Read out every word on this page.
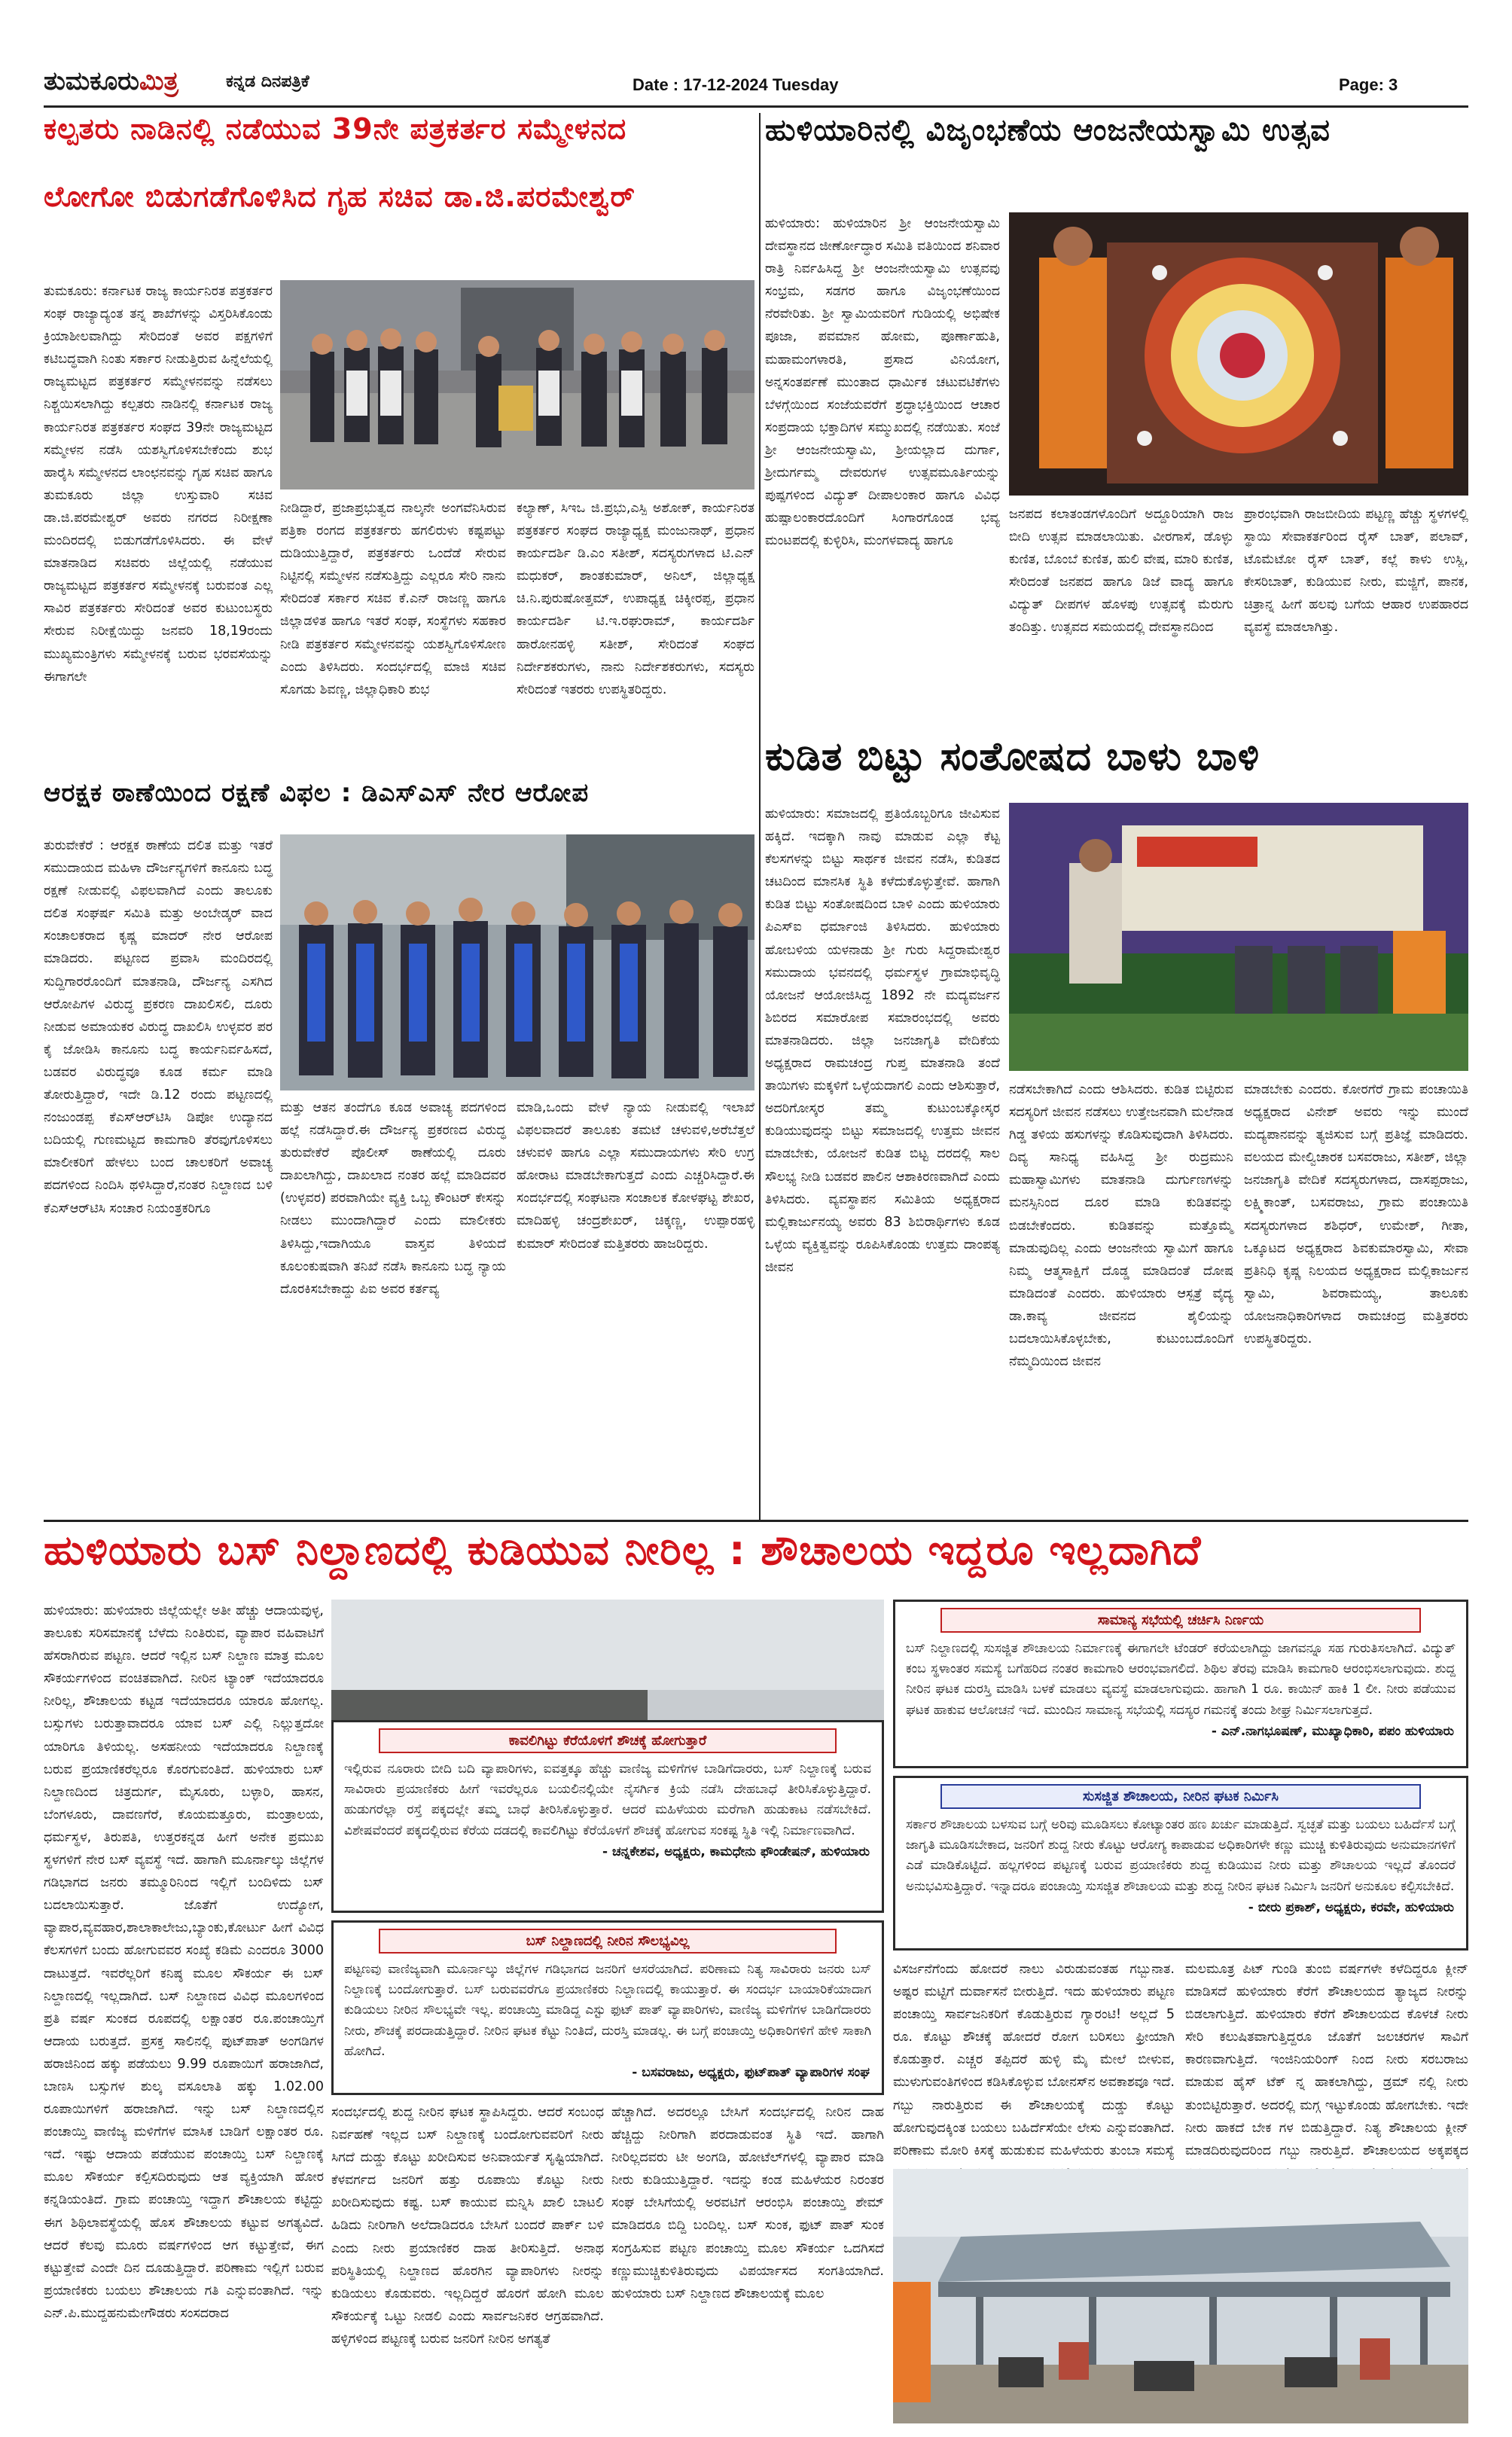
ತುಮಕೂರುಮಿತ್ರ	ಕನ್ನಡ ದಿನಪತ್ರಿಕೆ	Date : 17-12-2024 Tuesday	Page: 3
ಕಲ್ಪತರು ನಾಡಿನಲ್ಲಿ ನಡೆಯುವ 39ನೇ ಪತ್ರಕರ್ತರ ಸಮ್ಮೇಳನದ
ಲೋಗೋ ಬಿಡುಗಡೆಗೊಳಿಸಿದ ಗೃಹ ಸಚಿವ ಡಾ.ಜಿ.ಪರಮೇಶ್ವರ್
ತುಮಕೂರು: ಕರ್ನಾಟಕ ರಾಜ್ಯ ಕಾರ್ಯನಿರತ ಪತ್ರಕರ್ತರ ಸಂಘ ರಾಜ್ಯಾದ್ಯಂತ ತನ್ನ ಶಾಖೆಗಳನ್ನು ವಿಸ್ತರಿಸಿಕೊಂಡು ಕ್ರಿಯಾಶೀಲವಾಗಿದ್ದು ಸೇರಿದಂತೆ ಅವರ ಪಕ್ಷಗಳಿಗೆ ಕಟಿಬದ್ಧವಾಗಿ ನಿಂತು ಸರ್ಕಾರ ನೀಡುತ್ತಿರುವ ಹಿನ್ನೆಲೆಯಲ್ಲಿ ರಾಜ್ಯಮಟ್ಟದ ಪತ್ರಕರ್ತರ ಸಮ್ಮೇಳನವನ್ನು ನಡೆಸಲು ನಿಶ್ಚಯಿಸಲಾಗಿದ್ದು ಕಲ್ಪತರು ನಾಡಿನಲ್ಲಿ ಕರ್ನಾಟಕ ರಾಜ್ಯ ಕಾರ್ಯನಿರತ ಪತ್ರಕರ್ತರ ಸಂಘದ 39ನೇ ರಾಜ್ಯಮಟ್ಟದ ಸಮ್ಮೇಳನ ನಡೆಸಿ ಯಶಸ್ವಿಗೊಳಿಸಬೇಕೆಂದು ಶುಭ ಹಾರೈಸಿ ಸಮ್ಮೇಳನದ ಲಾಂಛನವನ್ನು ಗೃಹ ಸಚಿವ ಹಾಗೂ ತುಮಕೂರು ಜಿಲ್ಲಾ ಉಸ್ತುವಾರಿ ಸಚಿವ ಡಾ.ಜಿ.ಪರಮೇಶ್ವರ್ ಅವರು ನಗರದ ನಿರೀಕ್ಷಣಾ ಮಂದಿರದಲ್ಲಿ ಬಿಡುಗಡೆಗೊಳಿಸಿದರು. ಈ ವೇಳೆ ಮಾತನಾಡಿದ ಸಚಿವರು ಜಿಲ್ಲೆಯಲ್ಲಿ ನಡೆಯುವ ರಾಜ್ಯಮಟ್ಟದ ಪತ್ರಕರ್ತರ ಸಮ್ಮೇಳನಕ್ಕೆ ಬರುವಂತ ಎಲ್ಲ ಸಾವಿರ ಪತ್ರಕರ್ತರು ಸೇರಿದಂತೆ ಅವರ ಕುಟುಂಬಸ್ಥರು ಸೇರುವ ನಿರೀಕ್ಷೆಯಿದ್ದು ಜನವರಿ 18,19ರಂದು ಮುಖ್ಯಮಂತ್ರಿಗಳು ಸಮ್ಮೇಳನಕ್ಕೆ ಬರುವ ಭರವಸೆಯನ್ನು ಈಗಾಗಲೇ
ನೀಡಿದ್ದಾರೆ, ಪ್ರಜಾಪ್ರಭುತ್ವದ ನಾಲ್ಕನೇ ಅಂಗವೆನಿಸಿರುವ ಪತ್ರಿಕಾ ರಂಗದ ಪತ್ರಕರ್ತರು ಹಗಲಿರುಳು ಕಷ್ಟಪಟ್ಟು ದುಡಿಯುತ್ತಿದ್ದಾರೆ, ಪತ್ರಕರ್ತರು ಒಂದೆಡೆ ಸೇರುವ ನಿಟ್ಟಿನಲ್ಲಿ ಸಮ್ಮೇಳನ ನಡೆಸುತ್ತಿದ್ದು ಎಲ್ಲರೂ ಸೇರಿ ನಾನು ಸೇರಿದಂತೆ ಸರ್ಕಾರ ಸಚಿವ ಕೆ.ಎನ್ ರಾಜಣ್ಣ ಹಾಗೂ ಜಿಲ್ಲಾಡಳಿತ ಹಾಗೂ ಇತರೆ ಸಂಘ, ಸಂಸ್ಥೆಗಳು ಸಹಕಾರ ನೀಡಿ ಪತ್ರಕರ್ತರ ಸಮ್ಮೇಳನವನ್ನು ಯಶಸ್ವಿಗೊಳಿಸೋಣ ಎಂದು ತಿಳಿಸಿದರು. ಸಂದರ್ಭದಲ್ಲಿ ಮಾಜಿ ಸಚಿವ ಸೊಗಡು ಶಿವಣ್ಣ, ಜಿಲ್ಲಾಧಿಕಾರಿ ಶುಭ
ಕಲ್ಯಾಣ್, ಸಿಇಒ ಜಿ.ಪ್ರಭು,ಎಸ್ಪಿ ಅಶೋಕ್, ಕಾರ್ಯನಿರತ ಪತ್ರಕರ್ತರ ಸಂಘದ ರಾಜ್ಯಾಧ್ಯಕ್ಷ ಮಂಜುನಾಥ್, ಪ್ರಧಾನ ಕಾರ್ಯದರ್ಶಿ ಡಿ.ಎಂ ಸತೀಶ್, ಸದಸ್ಯರುಗಳಾದ ಟಿ.ಎನ್ ಮಧುಕರ್, ಶಾಂತಕುಮಾರ್, ಅನಿಲ್, ಜಿಲ್ಲಾಧ್ಯಕ್ಷ ಚಿ.ನಿ.ಪುರುಷೋತ್ತಮ್, ಉಪಾಧ್ಯಕ್ಷ ಚಿಕ್ಕೀರಪ್ಪ, ಪ್ರಧಾನ ಕಾರ್ಯದರ್ಶಿ ಟಿ.ಇ.ರಘುರಾಮ್, ಕಾರ್ಯದರ್ಶಿ ಹಾರೋನಹಳ್ಳಿ ಸತೀಶ್, ಸೇರಿದಂತೆ ಸಂಘದ ನಿರ್ದೇಶಕರುಗಳು, ನಾನು ನಿರ್ದೇಶಕರುಗಳು, ಸದಸ್ಯರು ಸೇರಿದಂತೆ ಇತರರು ಉಪಸ್ಥಿತರಿದ್ದರು.
ಆರಕ್ಷಕ ಠಾಣೆಯಿಂದ ರಕ್ಷಣೆ ವಿಫಲ : ಡಿಎಸ್‌ಎಸ್ ನೇರ ಆರೋಪ
ತುರುವೇಕೆರೆ : ಆರಕ್ಷಕ ಠಾಣೆಯ ದಲಿತ ಮತ್ತು ಇತರೆ ಸಮುದಾಯದ ಮಹಿಳಾ ದೌರ್ಜನ್ಯಗಳಿಗೆ ಕಾನೂನು ಬದ್ಧ ರಕ್ಷಣೆ ನೀಡುವಲ್ಲಿ ವಿಫಲವಾಗಿದೆ ಎಂದು ತಾಲೂಕು ದಲಿತ ಸಂಘರ್ಷ ಸಮಿತಿ ಮತ್ತು ಅಂಬೇಡ್ಕರ್ ವಾದ ಸಂಚಾಲಕರಾದ ಕೃಷ್ಣ ಮಾದರ್ ನೇರ ಆರೋಪ ಮಾಡಿದರು. ಪಟ್ಟಣದ ಪ್ರವಾಸಿ ಮಂದಿರದಲ್ಲಿ ಸುದ್ದಿಗಾರರೊಂದಿಗೆ ಮಾತನಾಡಿ, ದೌರ್ಜನ್ಯ ಎಸಗಿದ ಆರೋಪಿಗಳ ವಿರುದ್ಧ ಪ್ರಕರಣ ದಾಖಲಿಸಲಿ, ದೂರು ನೀಡುವ ಅಮಾಯಕರ ವಿರುದ್ಧ ದಾಖಲಿಸಿ ಉಳ್ಳವರ ಪರ ಕೈ ಜೋಡಿಸಿ ಕಾನೂನು ಬದ್ಧ ಕಾರ್ಯನಿರ್ವಹಿಸದೆ, ಬಡವರ ವಿರುದ್ಧವೂ ಕೂಡ ಕರ್ಮ ಮಾಡಿ ತೋರುತ್ತಿದ್ದಾರೆ, ಇದೇ ಡಿ.12 ರಂದು ಪಟ್ಟಣದಲ್ಲಿ ನಂಜುಂಡಪ್ಪ ಕೆಎಸ್‌ಆರ್‌ಟಿಸಿ ಡಿಪೋ ಉದ್ಯಾನದ ಬದಿಯಲ್ಲಿ ಗುಣಮಟ್ಟದ ಕಾಮಗಾರಿ ತೆರವುಗೊಳಿಸಲು ಮಾಲೀಕರಿಗೆ ಹೇಳಲು ಬಂದ ಚಾಲಕರಿಗೆ ಅವಾಚ್ಯ ಪದಗಳಿಂದ ನಿಂದಿಸಿ ಥಳಿಸಿದ್ದಾರೆ,ನಂತರ ನಿಲ್ದಾಣದ ಬಳಿ ಕೆಎಸ್‌ಆರ್‌ಟಿಸಿ ಸಂಚಾರ ನಿಯಂತ್ರಕರಿಗೂ
ಮತ್ತು ಆತನ ತಂದೆಗೂ ಕೂಡ ಅವಾಚ್ಯ ಪದಗಳಿಂದ ಹಲ್ಲೆ ನಡೆಸಿದ್ದಾರೆ.ಈ ದೌರ್ಜನ್ಯ ಪ್ರಕರಣದ ವಿರುದ್ಧ ತುರುವೇಕೆರೆ ಪೊಲೀಸ್ ಠಾಣೆಯಲ್ಲಿ ದೂರು ದಾಖಲಾಗಿದ್ದು, ದಾಖಲಾದ ನಂತರ ಹಲ್ಲೆ ಮಾಡಿದವರ (ಉಳ್ಳವರ) ಪರವಾಗಿಯೇ ವ್ಯಕ್ತಿ ಒಬ್ಬ ಕೌಂಟರ್ ಕೇಸನ್ನು ನೀಡಲು ಮುಂದಾಗಿದ್ದಾರೆ ಎಂದು ಮಾಲೀಕರು ತಿಳಿಸಿದ್ದು,ಇದಾಗಿಯೂ ವಾಸ್ತವ ತಿಳಿಯದೆ ಕೂಲಂಕುಷವಾಗಿ ತನಿಖೆ ನಡೆಸಿ ಕಾನೂನು ಬದ್ಧ ನ್ಯಾಯ ದೊರಕಿಸಬೇಕಾದ್ದು ಪಿಐ ಅವರ ಕರ್ತವ್ಯ
ಮಾಡಿ,ಒಂದು ವೇಳೆ ನ್ಯಾಯ ನೀಡುವಲ್ಲಿ ಇಲಾಖೆ ವಿಫಲವಾದರೆ ತಾಲೂಕು ತಮಟೆ ಚಳುವಳಿ,ಅರೆಬೆತ್ತಲೆ ಚಳುವಳಿ ಹಾಗೂ ಎಲ್ಲಾ ಸಮುದಾಯಗಳು ಸೇರಿ ಉಗ್ರ ಹೋರಾಟ ಮಾಡಬೇಕಾಗುತ್ತದೆ ಎಂದು ಎಚ್ಚರಿಸಿದ್ದಾರೆ.ಈ ಸಂದರ್ಭದಲ್ಲಿ ಸಂಘಟನಾ ಸಂಚಾಲಕ ಕೋಳಘಟ್ಟ ಶೇಖರ, ಮಾದಿಹಳ್ಳಿ ಚಂದ್ರಶೇಖರ್, ಚಿಕ್ಕಣ್ಣ, ಉಪ್ಪಾರಹಳ್ಳಿ ಕುಮಾರ್ ಸೇರಿದಂತೆ ಮತ್ತಿತರರು ಹಾಜರಿದ್ದರು.
ಹುಳಿಯಾರಿನಲ್ಲಿ ವಿಜೃಂಭಣೆಯ ಆಂಜನೇಯಸ್ವಾಮಿ ಉತ್ಸವ
ಹುಳಿಯಾರು: ಹುಳಿಯಾರಿನ ಶ್ರೀ ಆಂಜನೇಯಸ್ವಾಮಿ ದೇವಸ್ಥಾನದ ಜೀರ್ಣೋದ್ಧಾರ ಸಮಿತಿ ವತಿಯಿಂದ ಶನಿವಾರ ರಾತ್ರಿ ನಿರ್ವಹಿಸಿದ್ದ ಶ್ರೀ ಆಂಜನೇಯಸ್ವಾಮಿ ಉತ್ಸವವು ಸಂಭ್ರಮ, ಸಡಗರ ಹಾಗೂ ವಿಜೃಂಭಣೆಯಿಂದ ನೆರವೇರಿತು. ಶ್ರೀ ಸ್ವಾಮಿಯವರಿಗೆ ಗುಡಿಯಲ್ಲಿ ಅಭಿಷೇಕ ಪೂಜಾ, ಪವಮಾನ ಹೋಮ, ಪೂರ್ಣಾಹುತಿ, ಮಹಾಮಂಗಳಾರತಿ, ಪ್ರಸಾದ ವಿನಿಯೋಗ, ಅನ್ನಸಂತರ್ಪಣೆ ಮುಂತಾದ ಧಾರ್ಮಿಕ ಚಟುವಟಿಕೆಗಳು ಬೆಳಗ್ಗೆಯಿಂದ ಸಂಜೆಯವರೆಗೆ ಶ್ರದ್ಧಾಭಕ್ತಿಯಿಂದ ಆಚಾರ ಸಂಪ್ರದಾಯ ಭಕ್ತಾದಿಗಳ ಸಮ್ಮುಖದಲ್ಲಿ ನಡೆಯಿತು. ಸಂಜೆ ಶ್ರೀ ಆಂಜನೇಯಸ್ವಾಮಿ, ಶ್ರೀಯಲ್ಲಾದ ದುರ್ಗಾ, ಶ್ರೀದುರ್ಗಮ್ಮ ದೇವರುಗಳ ಉತ್ಸವಮೂರ್ತಿಯನ್ನು ಪುಷ್ಪಗಳಿಂದ ವಿದ್ಯುತ್ ದೀಪಾಲಂಕಾರ ಹಾಗೂ ವಿವಿಧ ಹುಷ್ಪಾಲಂಕಾರದೊಂದಿಗೆ ಸಿಂಗಾರಗೊಂಡ ಭವ್ಯ ಮಂಟಪದಲ್ಲಿ ಕುಳ್ಳಿರಿಸಿ, ಮಂಗಳವಾದ್ಯ ಹಾಗೂ
ಜನಪದ ಕಲಾತಂಡಗಳೊಂದಿಗೆ ಅದ್ದೂರಿಯಾಗಿ ರಾಜ ಬೀದಿ ಉತ್ಸವ ಮಾಡಲಾಯಿತು. ವೀರಗಾಸೆ, ಡೊಳ್ಳು ಕುಣಿತ, ಬೊಂಬೆ ಕುಣಿತ, ಹುಲಿ ವೇಷ, ಮಾರಿ ಕುಣಿತ, ಸೇರಿದಂತೆ ಜನಪದ ಹಾಗೂ ಡಿಜೆ ವಾದ್ಯ ಹಾಗೂ ವಿದ್ಯುತ್ ದೀಪಗಳ ಹೊಳಪು ಉತ್ಸವಕ್ಕೆ ಮೆರುಗು ತಂದಿತ್ತು. ಉತ್ಸವದ ಸಮಯದಲ್ಲಿ ದೇವಸ್ಥಾನದಿಂದ
ಪ್ರಾರಂಭವಾಗಿ ರಾಜಬೀದಿಯ ಪಟ್ಟಣ್ಣ ಹೆಚ್ಚು ಸ್ಥಳಗಳಲ್ಲಿ ಸ್ಥಾಯಿ ಸೇವಾಕರ್ತರಿಂದ ರೈಸ್ ಬಾತ್, ಪಲಾವ್, ಟೊಮೆಟೋ ರೈಸ್ ಬಾತ್, ಕಲ್ಲೆ ಕಾಳು ಉಸ್ಲಿ, ಕೇಸರಿಬಾತ್, ಕುಡಿಯುವ ನೀರು, ಮಜ್ಜಿಗೆ, ಪಾನಕ, ಚಿತ್ರಾನ್ನ ಹೀಗೆ ಹಲವು ಬಗೆಯ ಆಹಾರ ಉಪಹಾರದ ವ್ಯವಸ್ಥೆ ಮಾಡಲಾಗಿತ್ತು.
ಕುಡಿತ ಬಿಟ್ಟು ಸಂತೋಷದ ಬಾಳು ಬಾಳಿ
ಹುಳಿಯಾರು: ಸಮಾಜದಲ್ಲಿ ಪ್ರತಿಯೊಬ್ಬರಿಗೂ ಜೀವಿಸುವ ಹಕ್ಕಿದೆ. ಇದಕ್ಕಾಗಿ ನಾವು ಮಾಡುವ ಎಲ್ಲಾ ಕೆಟ್ಟ ಕೆಲಸಗಳನ್ನು ಬಿಟ್ಟು ಸಾರ್ಥಕ ಜೀವನ ನಡೆಸಿ, ಕುಡಿತದ ಚಟದಿಂದ ಮಾನಸಿಕ ಸ್ಥಿತಿ ಕಳೆದುಕೊಳ್ಳುತ್ತೇವೆ. ಹಾಗಾಗಿ ಕುಡಿತ ಬಿಟ್ಟು ಸಂತೋಷದಿಂದ ಬಾಳಿ ಎಂದು ಹುಳಿಯಾರು ಪಿಎಸ್‌ಐ ಧರ್ಮಾಂಜಿ ತಿಳಿಸಿದರು. ಹುಳಿಯಾರು ಹೋಬಳಿಯ ಯಳನಾಡು ಶ್ರೀ ಗುರು ಸಿದ್ದರಾಮೇಶ್ವರ ಸಮುದಾಯ ಭವನದಲ್ಲಿ ಧರ್ಮಸ್ಥಳ ಗ್ರಾಮಾಭಿವೃದ್ಧಿ ಯೋಜನೆ ಆಯೋಜಿಸಿದ್ದ 1892 ನೇ ಮದ್ಯವರ್ಜನ ಶಿಬಿರದ ಸಮಾರೋಪ ಸಮಾರಂಭದಲ್ಲಿ ಅವರು ಮಾತನಾಡಿದರು. ಜಿಲ್ಲಾ ಜನಜಾಗೃತಿ ವೇದಿಕೆಯ ಅಧ್ಯಕ್ಷರಾದ ರಾಮಚಂದ್ರ ಗುಪ್ತ ಮಾತನಾಡಿ ತಂದೆ ತಾಯಿಗಳು ಮಕ್ಕಳಿಗೆ ಒಳ್ಳೆಯದಾಗಲಿ ಎಂದು ಆಶಿಸುತ್ತಾರೆ, ಅದರಿಗೋಸ್ಕರ ತಮ್ಮ ಕುಟುಂಬಕ್ಕೋಸ್ಕರ ಕುಡಿಯುವುದನ್ನು ಬಿಟ್ಟು ಸಮಾಜದಲ್ಲಿ ಉತ್ತಮ ಜೀವನ ಮಾಡಬೇಕು, ಯೋಜನೆ ಕುಡಿತ ಬಿಟ್ಟ ದರದಲ್ಲಿ ಸಾಲ ಸೌಲಭ್ಯ ನೀಡಿ ಬಡವರ ಪಾಲಿನ ಆಶಾಕಿರಣವಾಗಿದೆ ಎಂದು ತಿಳಿಸಿದರು. ವ್ಯವಸ್ಥಾಪನ ಸಮಿತಿಯ ಅಧ್ಯಕ್ಷರಾದ ಮಲ್ಲಿಕಾರ್ಜುನಯ್ಯ ಅವರು 83 ಶಿಬಿರಾರ್ಥಿಗಳು ಕೂಡ ಒಳ್ಳೆಯ ವ್ಯಕ್ತಿತ್ವವನ್ನು ರೂಪಿಸಿಕೊಂಡು ಉತ್ತಮ ದಾಂಪತ್ಯ ಜೀವನ
ನಡೆಸಬೇಕಾಗಿದೆ ಎಂದು ಆಶಿಸಿದರು. ಕುಡಿತ ಬಿಟ್ಟಿರುವ ಸದಸ್ಯರಿಗೆ ಜೀವನ ನಡೆಸಲು ಉತ್ತೇಜನವಾಗಿ ಮಲೆನಾಡ ಗಿಡ್ಡ ತಳಿಯ ಹಸುಗಳನ್ನು ಕೊಡಿಸುವುದಾಗಿ ತಿಳಿಸಿದರು. ದಿವ್ಯ ಸಾನಿಧ್ಯ ವಹಿಸಿದ್ದ ಶ್ರೀ ರುದ್ರಮುನಿ ಮಹಾಸ್ವಾಮಿಗಳು ಮಾತನಾಡಿ ದುರ್ಗುಣಗಳನ್ನು ಮನಸ್ಸಿನಿಂದ ದೂರ ಮಾಡಿ ಕುಡಿತವನ್ನು ಬಿಡಬೇಕೆಂದರು. ಕುಡಿತವನ್ನು ಮತ್ತೊಮ್ಮೆ ಮಾಡುವುದಿಲ್ಲ ಎಂದು ಆಂಜನೇಯ ಸ್ವಾಮಿಗೆ ಹಾಗೂ ನಿಮ್ಮ ಆತ್ಮಸಾಕ್ಷಿಗೆ ದೊಡ್ಡ ಮಾಡಿದಂತೆ ದೋಷ ಮಾಡಿದಂತೆ ಎಂದರು. ಹುಳಿಯಾರು ಆಸ್ಪತ್ರೆ ವೈದ್ಯ ಡಾ.ಕಾವ್ಯ ಜೀವನದ ಶೈಲಿಯನ್ನು ಬದಲಾಯಿಸಿಕೊಳ್ಳಬೇಕು, ಕುಟುಂಬದೊಂದಿಗೆ ನೆಮ್ಮದಿಯಿಂದ ಜೀವನ
ಮಾಡಬೇಕು ಎಂದರು. ಕೋರಗೆರೆ ಗ್ರಾಮ ಪಂಚಾಯಿತಿ ಅಧ್ಯಕ್ಷರಾದ ವಿನೇಶ್ ಅವರು ಇನ್ನು ಮುಂದೆ ಮದ್ಯಪಾನವನ್ನು ತ್ಯಜಿಸುವ ಬಗ್ಗೆ ಪ್ರತಿಜ್ಞೆ ಮಾಡಿದರು. ವಲಯದ ಮೇಲ್ವಿಚಾರಕ ಬಸವರಾಜು, ಸತೀಶ್, ಜಿಲ್ಲಾ ಜನಜಾಗೃತಿ ವೇದಿಕೆ ಸದಸ್ಯರುಗಳಾದ, ದಾಸಪ್ಪರಾಜು, ಲಕ್ಷ್ಮಿಕಾಂತ್, ಬಸವರಾಜು, ಗ್ರಾಮ ಪಂಚಾಯಿತಿ ಸದಸ್ಯರುಗಳಾದ ಶಶಿಧರ್, ಉಮೇಶ್, ಗೀತಾ, ಒಕ್ಕೂಟದ ಅಧ್ಯಕ್ಷರಾದ ಶಿವಕುಮಾರಸ್ವಾಮಿ, ಸೇವಾ ಪ್ರತಿನಿಧಿ ಕೃಷ್ಣ ನಿಲಯದ ಅಧ್ಯಕ್ಷರಾದ ಮಲ್ಲಿಕಾರ್ಜುನ ಸ್ವಾಮಿ, ಶಿವರಾಮಯ್ಯ, ತಾಲೂಕು ಯೋಜನಾಧಿಕಾರಿಗಳಾದ ರಾಮಚಂದ್ರ ಮತ್ತಿತರರು ಉಪಸ್ಥಿತರಿದ್ದರು.
ಹುಳಿಯಾರು ಬಸ್ ನಿಲ್ದಾಣದಲ್ಲಿ ಕುಡಿಯುವ ನೀರಿಲ್ಲ : ಶೌಚಾಲಯ ಇದ್ದರೂ ಇಲ್ಲದಾಗಿದೆ
ಹುಳಿಯಾರು: ಹುಳಿಯಾರು ಜಿಲ್ಲೆಯಲ್ಲೇ ಅತೀ ಹೆಚ್ಚು ಆದಾಯವುಳ್ಳ, ತಾಲೂಕು ಸರಿಸಮಾನಕ್ಕೆ ಬೆಳೆದು ನಿಂತಿರುವ, ವ್ಯಾಪಾರ ವಹಿವಾಟಿಗೆ ಹೆಸರಾಗಿರುವ ಪಟ್ಟಣ. ಆದರೆ ಇಲ್ಲಿನ ಬಸ್ ನಿಲ್ದಾಣ ಮಾತ್ರ ಮೂಲ ಸೌಕರ್ಯಗಳಿಂದ ವಂಚಿತವಾಗಿದೆ. ನೀರಿನ ಟ್ಯಾಂಕ್ ಇದೆಯಾದರೂ ನೀರಿಲ್ಲ, ಶೌಚಾಲಯ ಕಟ್ಟಡ ಇದೆಯಾದರೂ ಯಾರೂ ಹೋಗಲ್ಲ. ಬಸ್ಸುಗಳು ಬರುತ್ತಾವಾದರೂ ಯಾವ ಬಸ್ ಎಲ್ಲಿ ನಿಲ್ಲುತ್ತದೋ ಯಾರಿಗೂ ತಿಳಿಯಲ್ಲ. ಅಸಹನೀಯ ಇದೆಯಾದರೂ ನಿಲ್ದಾಣಕ್ಕೆ ಬರುವ ಪ್ರಯಾಣಿಕರೆಲ್ಲರೂ ಕೊರಗುವಂತಿದೆ. ಹುಳಿಯಾರು ಬಸ್ ನಿಲ್ದಾಣದಿಂದ ಚಿತ್ರದುರ್ಗ, ಮೈಸೂರು, ಬಳ್ಳಾರಿ, ಹಾಸನ, ಬೆಂಗಳೂರು, ದಾವಣಗೆರೆ, ಕೊಯಮತ್ತೂರು, ಮಂತ್ರಾಲಯ, ಧರ್ಮಸ್ಥಳ, ತಿರುಪತಿ, ಉತ್ತರಕನ್ನಡ ಹೀಗೆ ಅನೇಕ ಪ್ರಮುಖ ಸ್ಥಳಗಳಿಗೆ ನೇರ ಬಸ್ ವ್ಯವಸ್ಥೆ ಇದೆ. ಹಾಗಾಗಿ ಮೂರ್ನಾಲ್ಕು ಜಿಲ್ಲೆಗಳ ಗಡಿಭಾಗದ ಜನರು ತಮ್ಮೂರಿನಿಂದ ಇಲ್ಲಿಗೆ ಬಂದಿಳಿದು ಬಸ್ ಬದಲಾಯಿಸುತ್ತಾರೆ. ಜೊತೆಗೆ ಉದ್ಯೋಗ, ವ್ಯಾಪಾರ,ವ್ಯವಹಾರ,ಶಾಲಾಕಾಲೇಜು,ಬ್ಯಾಂಕು,ಕೋರ್ಟು ಹೀಗೆ ವಿವಿಧ ಕೆಲಸಗಳಿಗೆ ಬಂದು ಹೋಗುವವರ ಸಂಖ್ಯೆ ಕಡಿಮೆ ಎಂದರೂ 3000 ದಾಟುತ್ತದೆ. ಇವರೆಲ್ಲರಿಗೆ ಕನಿಷ್ಠ ಮೂಲ ಸೌಕರ್ಯ ಈ ಬಸ್ ನಿಲ್ದಾಣದಲ್ಲಿ ಇಲ್ಲದಾಗಿದೆ. ಬಸ್ ನಿಲ್ದಾಣದ ವಿವಿಧ ಮೂಲಗಳಿಂದ ಪ್ರತಿ ವರ್ಷ ಸುಂಕದ ರೂಪದಲ್ಲಿ ಲಕ್ಷಾಂತರ ರೂ.ಪಂಚಾಯ್ತಿಗೆ ಆದಾಯ ಬರುತ್ತದೆ. ಪ್ರಸಕ್ತ ಸಾಲಿನಲ್ಲಿ ಪುಟ್‌ಪಾತ್ ಅಂಗಡಿಗಳ ಹರಾಜಿನಿಂದ ಹಕ್ಕು ಪಡೆಯಲು 9.99 ರೂಪಾಯಿಗೆ ಹರಾಜಾಗಿದೆ, ಬಾಣಸಿ ಬಸ್ಸುಗಳ ಶುಲ್ಕ ವಸೂಲಾತಿ ಹಕ್ಕು 1.02.00 ರೂಪಾಯಿಗಳಿಗೆ ಹರಾಜಾಗಿದೆ. ಇನ್ನು ಬಸ್ ನಿಲ್ದಾಣದಲ್ಲಿನ ಪಂಚಾಯ್ತಿ ವಾಣಿಜ್ಯ ಮಳಿಗೆಗಳ ಮಾಸಿಕ ಬಾಡಿಗೆ ಲಕ್ಷಾಂತರ ರೂ. ಇದೆ. ಇಷ್ಟು ಆದಾಯ ಪಡೆಯುವ ಪಂಚಾಯ್ತಿ ಬಸ್ ನಿಲ್ದಾಣಕ್ಕೆ ಮೂಲ ಸೌಕರ್ಯ ಕಲ್ಪಿಸದಿರುವುದು ಆತ ವ್ಯಕ್ತಿಯಾಗಿ ಹೋರ ಕನ್ನಡಿಯಂತಿದೆ. ಗ್ರಾಮ ಪಂಚಾಯ್ತಿ ಇದ್ದಾಗ ಶೌಚಾಲಯ ಕಟ್ಟಿದ್ದು ಈಗ ಶಿಥಿಲಾವಸ್ಥೆಯಲ್ಲಿ ಹೊಸ ಶೌಚಾಲಯ ಕಟ್ಟುವ ಅಗತ್ಯವಿದೆ. ಆದರೆ ಕೆಲವು ಮೂರು ವರ್ಷಗಳಿಂದ ಆಗ ಕಟ್ಟುತ್ತೇವೆ, ಈಗ ಕಟ್ಟುತ್ತೇವೆ ಎಂದೇ ದಿನ ದೂಡುತ್ತಿದ್ದಾರೆ. ಪರಿಣಾಮ ಇಲ್ಲಿಗೆ ಬರುವ ಪ್ರಯಾಣಿಕರು ಬಯಲು ಶೌಚಾಲಯ ಗತಿ ಎನ್ನುವಂತಾಗಿದೆ. ಇನ್ನು ಎನ್.ಪಿ.ಮುದ್ದಹನುಮೇಗೌಡರು ಸಂಸದರಾದ
ಕಾವಲಿಗಿಟ್ಟು ಕೆರೆಯೊಳಗೆ ಶೌಚಕ್ಕೆ ಹೋಗುತ್ತಾರೆ
ಇಲ್ಲಿರುವ ನೂರಾರು ಬೀದಿ ಬದಿ ವ್ಯಾಪಾರಿಗಳು, ಐವತ್ತಕ್ಕೂ ಹೆಚ್ಚು ವಾಣಿಜ್ಯ ಮಳಿಗೆಗಳ ಬಾಡಿಗೆದಾರರು, ಬಸ್ ನಿಲ್ದಾಣಕ್ಕೆ ಬರುವ ಸಾವಿರಾರು ಪ್ರಯಾಣಿಕರು ಹೀಗೆ ಇವರೆಲ್ಲರೂ ಬಯಲಿನಲ್ಲಿಯೇ ನೈಸರ್ಗಿಕ ಕ್ರಿಯೆ ನಡೆಸಿ ದೇಹಬಾಧೆ ತೀರಿಸಿಕೊಳ್ಳುತ್ತಿದ್ದಾರೆ. ಹುಡುಗರೆಲ್ಲಾ ರಸ್ತೆ ಪಕ್ಕದಲ್ಲೇ ತಮ್ಮ ಬಾಧೆ ತೀರಿಸಿಕೊಳ್ಳುತ್ತಾರೆ. ಆದರೆ ಮಹಿಳೆಯರು ಮರೆಗಾಗಿ ಹುಡುಕಾಟ ನಡೆಸಬೇಕಿದೆ. ವಿಶೇಷವೆಂದರೆ ಪಕ್ಕದಲ್ಲಿರುವ ಕೆರೆಯ ದಡದಲ್ಲಿ ಕಾವಲಿಗಿಟ್ಟು ಕೆರೆಯೊಳಗೆ ಶೌಚಕ್ಕೆ ಹೋಗುವ ಸಂಕಷ್ಟ ಸ್ಥಿತಿ ಇಲ್ಲಿ ನಿರ್ಮಾಣವಾಗಿದೆ.
- ಚನ್ನಕೇಶವ, ಅಧ್ಯಕ್ಷರು, ಕಾಮಧೇನು ಫೌಂಡೇಷನ್, ಹುಳಿಯಾರು
ಬಸ್ ನಿಲ್ದಾಣದಲ್ಲಿ ನೀರಿನ ಸೌಲಭ್ಯವಿಲ್ಲ
ಪಟ್ಟಣವು ವಾಣಿಜ್ಯವಾಗಿ ಮೂರ್ನಾಲ್ಕು ಜಿಲ್ಲೆಗಳ ಗಡಿಭಾಗದ ಜನರಿಗೆ ಆಸರೆಯಾಗಿದೆ. ಪರಿಣಾಮ ನಿತ್ಯ ಸಾವಿರಾರು ಜನರು ಬಸ್ ನಿಲ್ದಾಣಕ್ಕೆ ಬಂದೋಗುತ್ತಾರೆ. ಬಸ್ ಬರುವವರೆಗೂ ಪ್ರಯಾಣಿಕರು ನಿಲ್ದಾಣದಲ್ಲಿ ಕಾಯುತ್ತಾರೆ. ಈ ಸಂದರ್ಭ ಬಾಯಾರಿಕೆಯಾದಾಗ ಕುಡಿಯಲು ನೀರಿನ ಸೌಲಭ್ಯವೇ ಇಲ್ಲ. ಪಂಚಾಯ್ತಿ ಮಾಡಿದ್ದ ಎಸ್ಟು ಫುಟ್ ಪಾತ್ ವ್ಯಾಪಾರಿಗಳು, ವಾಣಿಜ್ಯ ಮಳಿಗೆಗಳ ಬಾಡಿಗೆದಾರರು ನೀರು, ಶೌಚಕ್ಕೆ ಪರದಾಡುತ್ತಿದ್ದಾರೆ. ನೀರಿನ ಘಟಕ ಕೆಟ್ಟು ನಿಂತಿದೆ, ದುರಸ್ತಿ ಮಾಡಲ್ಲ. ಈ ಬಗ್ಗೆ ಪಂಚಾಯ್ತಿ ಅಧಿಕಾರಿಗಳಿಗೆ ಹೇಳಿ ಸಾಕಾಗಿ ಹೋಗಿದೆ.
- ಬಸವರಾಜು, ಅಧ್ಯಕ್ಷರು, ಫುಟ್‌ಪಾತ್ ವ್ಯಾಪಾರಿಗಳ ಸಂಘ
ಸಂದರ್ಭದಲ್ಲಿ ಶುದ್ದ ನೀರಿನ ಘಟಕ ಸ್ಥಾಪಿಸಿದ್ದರು. ಆದರೆ ಸಂಬಂಧ ನಿರ್ವಹಣೆ ಇಲ್ಲದ ಬಸ್ ನಿಲ್ದಾಣಕ್ಕೆ ಬಂದೋಗುವವರಿಗೆ ನೀರು ಸಿಗದೆ ದುಡ್ಡು ಕೊಟ್ಟು ಖರೀದಿಸುವ ಅನಿವಾರ್ಯತೆ ಸೃಷ್ಟಿಯಾಗಿದೆ. ಕೆಳವರ್ಗದ ಜನರಿಗೆ ಹತ್ತು ರೂಪಾಯಿ ಕೊಟ್ಟು ನೀರು ಖರೀದಿಸುವುದು ಕಷ್ಟ. ಬಸ್ ಕಾಯುವ ಮನ್ನಿಸಿ ಖಾಲಿ ಬಾಟಲಿ ಹಿಡಿದು ನೀರಿಗಾಗಿ ಅಲೆದಾಡಿದರೂ ಬೇಸಿಗೆ ಬಂದರೆ ಪಾರ್ಕ್ ಬಳಿ ಎಂದು ನೀರು ಪ್ರಯಾಣಿಕರ ದಾಹ ತೀರಿಸುತ್ತಿದೆ. ಅನಾಥ ಪರಿಸ್ಥಿತಿಯಲ್ಲಿ ನಿಲ್ದಾಣದ ಹೊರಗಿನ ವ್ಯಾಪಾರಿಗಳು ನೀರನ್ನು ಕುಡಿಯಲು ಕೊಡುವರು. ಇಲ್ಲದಿದ್ದರೆ ಹೊರಗೆ ಹೋಗಿ ಮೂಲ ಸೌಕರ್ಯಕ್ಕೆ ಒಟ್ಟು ನೀಡಲಿ ಎಂದು ಸಾರ್ವಜನಿಕರ ಆಗ್ರಹವಾಗಿದೆ. ಹಳ್ಳಿಗಳಿಂದ ಪಟ್ಟಣಕ್ಕೆ ಬರುವ ಜನರಿಗೆ ನೀರಿನ ಅಗತ್ಯತೆ
ಹೆಚ್ಚಾಗಿದೆ. ಅದರಲ್ಲೂ ಬೇಸಿಗೆ ಸಂದರ್ಭದಲ್ಲಿ ನೀರಿನ ದಾಹ ಹೆಚ್ಚಿದ್ದು ನೀರಿಗಾಗಿ ಪರದಾಡುವಂತ ಸ್ಥಿತಿ ಇದೆ. ಹಾಗಾಗಿ ನೀರಿಲ್ಲದವರು ಟೀ ಅಂಗಡಿ, ಹೋಟೆಲ್‌ಗಳಲ್ಲಿ ವ್ಯಾಪಾರ ಮಾಡಿ ನೀರು ಕುಡಿಯುತ್ತಿದ್ದಾರೆ. ಇದನ್ನು ಕಂಡ ಮಹಿಳೆಯರ ನಿರಂತರ ಸಂಘ ಬೇಸಿಗೆಯಲ್ಲಿ ಅರವಟಿಗೆ ಆರಂಭಿಸಿ ಪಂಚಾಯ್ತಿ ಶೇಮ್ ಮಾಡಿದರೂ ಬಿದ್ದಿ ಬಂದಿಲ್ಲ. ಬಸ್ ಸುಂಕ, ಫುಟ್ ಪಾತ್ ಸುಂಕ ಸಂಗ್ರಹಿಸುವ ಪಟ್ಟಣ ಪಂಚಾಯ್ತಿ ಮೂಲ ಸೌಕರ್ಯ ಒದಗಿಸದೆ ಕಣ್ಣುಮುಚ್ಚಿಕುಳಿತಿರುವುದು ವಿಪರ್ಯಾಸದ ಸಂಗತಿಯಾಗಿದೆ. ಹುಳಿಯಾರು ಬಸ್ ನಿಲ್ದಾಣದ ಶೌಚಾಲಯಕ್ಕೆ ಮೂಲ
ಸಾಮಾನ್ಯ ಸಭೆಯಲ್ಲಿ ಚರ್ಚಿಸಿ ನಿರ್ಣಯ
ಬಸ್ ನಿಲ್ದಾಣದಲ್ಲಿ ಸುಸಜ್ಜಿತ ಶೌಚಾಲಯ ನಿರ್ಮಾಣಕ್ಕೆ ಈಗಾಗಲೇ ಟೆಂಡರ್ ಕರೆಯಲಾಗಿದ್ದು ಜಾಗವನ್ನೂ ಸಹ ಗುರುತಿಸಲಾಗಿದೆ. ವಿದ್ಯುತ್ ಕಂಬ ಸ್ಥಳಾಂತರ ಸಮಸ್ಯೆ ಬಗೆಹರಿದ ನಂತರ ಕಾಮಗಾರಿ ಆರಂಭವಾಗಲಿದೆ. ಶಿಥಿಲ ತೆರವು ಮಾಡಿಸಿ ಕಾಮಗಾರಿ ಆರಂಭಿಸಲಾಗುವುದು. ಶುದ್ದ ನೀರಿನ ಘಟಕ ದುರಸ್ತಿ ಮಾಡಿಸಿ ಬಳಕೆ ಮಾಡಲು ವ್ಯವಸ್ಥೆ ಮಾಡಲಾಗುವುದು. ಹಾಗಾಗಿ 1 ರೂ. ಕಾಯಿನ್ ಹಾಕಿ 1 ಲೀ. ನೀರು ಪಡೆಯುವ ಘಟಕ ಹಾಕುವ ಆಲೋಚನೆ ಇದೆ. ಮುಂದಿನ ಸಾಮಾನ್ಯ ಸಭೆಯಲ್ಲಿ ಸದಸ್ಯರ ಗಮನಕ್ಕೆ ತಂದು ಶೀಘ್ರ ನಿರ್ಮಿಸಲಾಗುತ್ತದೆ.
- ಎನ್.ನಾಗಭೂಷಣ್, ಮುಖ್ಯಾಧಿಕಾರಿ, ಪಪಂ ಹುಳಿಯಾರು
ಸುಸಜ್ಜಿತ ಶೌಚಾಲಯ, ನೀರಿನ ಘಟಕ ನಿರ್ಮಿಸಿ
ಸರ್ಕಾರ ಶೌಚಾಲಯ ಬಳಸುವ ಬಗ್ಗೆ ಅರಿವು ಮೂಡಿಸಲು ಕೋಟ್ಯಾಂತರ ಹಣ ಖರ್ಚು ಮಾಡುತ್ತಿದೆ. ಸ್ವಚ್ಛತೆ ಮತ್ತು ಬಯಲು ಬಹಿರ್ದೆಸೆ ಬಗ್ಗೆ ಜಾಗೃತಿ ಮೂಡಿಸಬೇಕಾದ, ಜನರಿಗೆ ಶುದ್ದ ನೀರು ಕೊಟ್ಟು ಆರೋಗ್ಯ ಕಾಪಾಡುವ ಅಧಿಕಾರಿಗಳೇ ಕಣ್ಣು ಮುಚ್ಚಿ ಕುಳಿತಿರುವುದು ಅನುಮಾನಗಳಿಗೆ ಎಡೆ ಮಾಡಿಕೊಟ್ಟಿದೆ. ಹಲ್ಲಗಳಿಂದ ಪಟ್ಟಣಕ್ಕೆ ಬರುವ ಪ್ರಯಾಣಿಕರು ಶುದ್ದ ಕುಡಿಯುವ ನೀರು ಮತ್ತು ಶೌಚಾಲಯ ಇಲ್ಲದೆ ತೊಂದರೆ ಅನುಭವಿಸುತ್ತಿದ್ದಾರೆ. ಇನ್ನಾದರೂ ಪಂಚಾಯ್ತಿ ಸುಸಜ್ಜಿತ ಶೌಚಾಲಯ ಮತ್ತು ಶುದ್ದ ನೀರಿನ ಘಟಕ ನಿರ್ಮಿಸಿ ಜನರಿಗೆ ಅನುಕೂಲ ಕಲ್ಪಿಸಬೇಕಿದೆ.
- ಬೀರು ಪ್ರಕಾಶ್, ಅಧ್ಯಕ್ಷರು, ಕರವೇ, ಹುಳಿಯಾರು
ವಿಸರ್ಜನೆಗೆಂದು ಹೋದರೆ ನಾಲು ವಿರುಡುವಂತಹ ಗಬ್ಬುನಾತ. ಅಷ್ಟರ ಮಟ್ಟಿಗೆ ದುರ್ವಾಸನೆ ಬೀರುತ್ತಿದೆ. ಇದು ಹುಳಿಯಾರು ಪಟ್ಟಣ ಪಂಚಾಯ್ತಿ ಸಾರ್ವಜನಿಕರಿಗೆ ಕೊಡುತ್ತಿರುವ ಗ್ಯಾರಂಟಿ! ಅಲ್ಲದೆ 5 ರೂ. ಕೊಟ್ಟು ಶೌಚಕ್ಕೆ ಹೋದರೆ ರೋಗ ಬರಿಸಲು ಫ್ರೀಯಾಗಿ ಕೊಡುತ್ತಾರೆ. ಎಚ್ಚರ ತಪ್ಪಿದರೆ ಹುಳ್ಳಿ ಮೈ ಮೇಲೆ ಬೀಳುವ, ಮುಳುಗುವಂತಿಗಳಿಂದ ಕಡಿಸಿಕೊಳ್ಳುವ ಬೋನಸ್‌ನ ಅವಕಾಶವೂ ಇದೆ. ಗಬ್ಬು ನಾರುತ್ತಿರುವ ಈ ಶೌಚಾಲಯಕ್ಕೆ ದುಡ್ಡು ಕೊಟ್ಟು ಹೋಗುವುದಕ್ಕಿಂತ ಬಯಲು ಬಹಿರ್ದೆಸೆಯೇ ಲೇಸು ಎನ್ನುವಂತಾಗಿದೆ. ಪರಿಣಾಮ ಮೋರಿ ಕಿಸಕ್ಕೆ ಹುಡುಕುವ ಮಹಿಳೆಯರು ತುಂಬಾ ಸಮಸ್ಯೆ
ಮಲಮೂತ್ರ ಪಿಟ್ ಗುಂಡಿ ತುಂಬಿ ವರ್ಷಗಳೇ ಕಳೆದಿದ್ದರೂ ಕ್ಲೀನ್ ಮಾಡಿಸದೆ ಹುಳಿಯಾರು ಕೆರೆಗೆ ಶೌಚಾಲಯದ ತ್ಯಾಜ್ಯದ ನೀರನ್ನು ಬಿಡಲಾಗುತ್ತಿದೆ. ಹುಳಿಯಾರು ಕೆರೆಗೆ ಶೌಚಾಲಯದ ಕೊಳಚೆ ನೀರು ಸೇರಿ ಕಲುಷಿತವಾಗುತ್ತಿದ್ದರೂ ಜೊತೆಗೆ ಜಲಚರಗಳ ಸಾವಿಗೆ ಕಾರಣವಾಗುತ್ತಿದೆ. ಇಂಜಿನಿಯರಿಂಗ್ ನಿಂದ ನೀರು ಸರಬರಾಜು ಮಾಡುವ ಹೈಸ್ ಟೆಕ್ ನ್ನ ಹಾಕಲಾಗಿದ್ದು, ಡ್ರಮ್ ನಲ್ಲಿ ನೀರು ತುಂಬಿಟ್ಟಿರುತ್ತಾರೆ. ಅದರಲ್ಲಿ ಮಗ್ಗ ಇಟ್ಟುಕೊಂಡು ಹೋಗಬೇಕು. ಇದೇ ನೀರು ಹಾಕದೆ ಬೇಕ ಗಳ ಬಿಡುತ್ತಿದ್ದಾರೆ. ನಿತ್ಯ ಶೌಚಾಲಯ ಕ್ಲೀನ್ ಮಾಡದಿರುವುದರಿಂದ ಗಬ್ಬು ನಾರುತ್ತಿದೆ. ಶೌಚಾಲಯದ ಅಕ್ಕಪಕ್ಕದ
